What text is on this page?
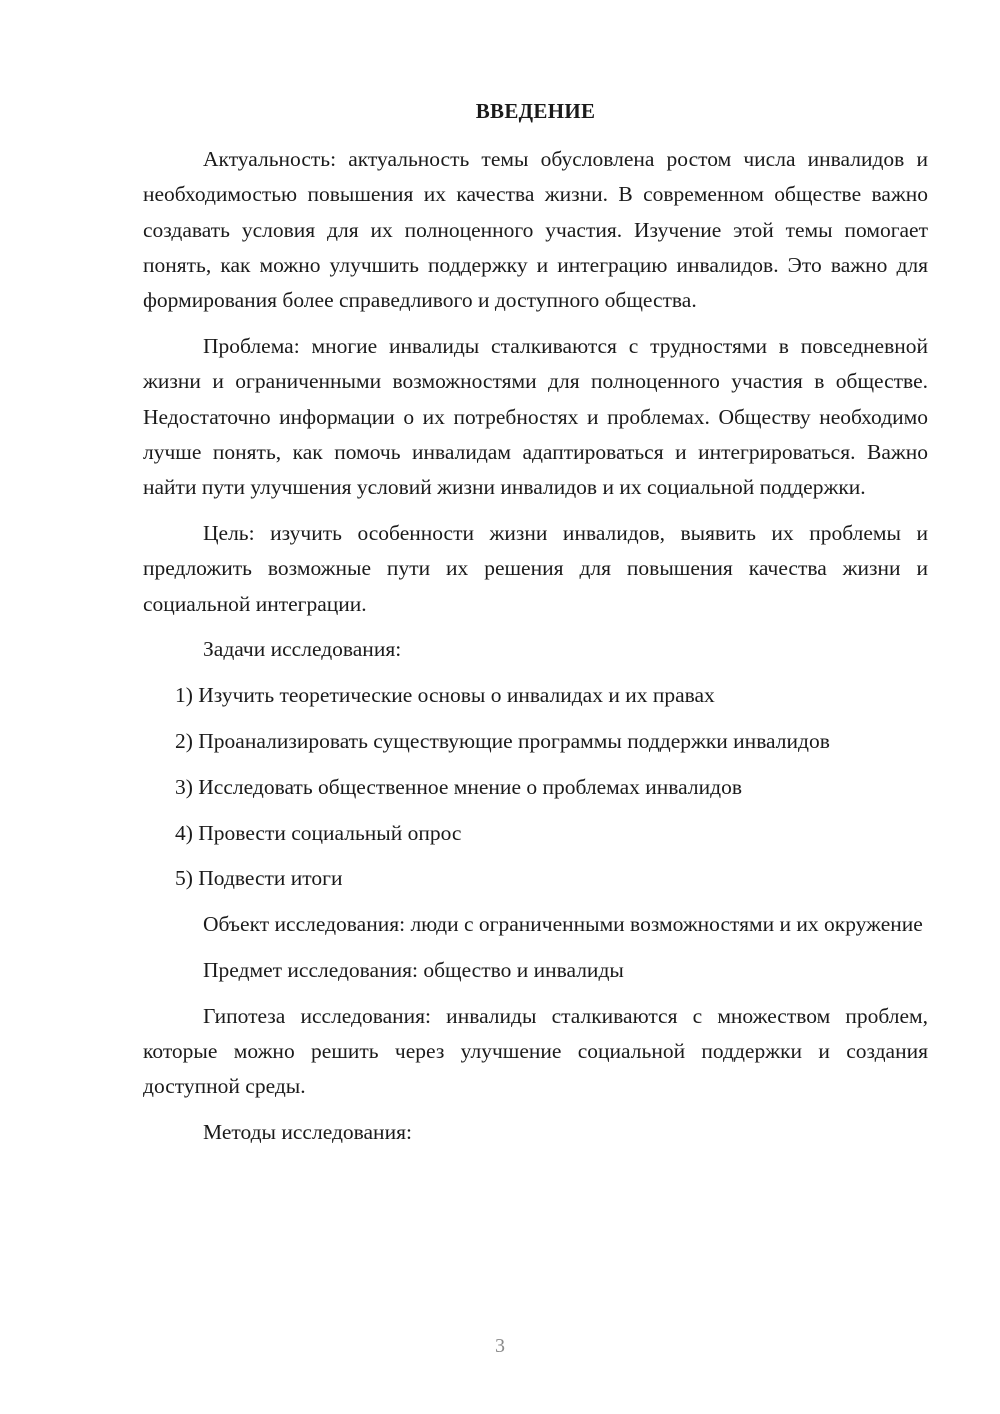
ВВЕДЕНИЕ

Актуальность: актуальность темы обусловлена ростом числа инвалидов и необходимостью повышения их качества жизни. В современном обществе важно создавать условия для их полноценного участия. Изучение этой темы помогает понять, как можно улучшить поддержку и интеграцию инвалидов. Это важно для формирования более справедливого и доступного общества.

Проблема: многие инвалиды сталкиваются с трудностями в повседневной жизни и ограниченными возможностями для полноценного участия в обществе. Недостаточно информации о их потребностях и проблемах. Обществу необходимо лучше понять, как помочь инвалидам адаптироваться и интегрироваться. Важно найти пути улучшения условий жизни инвалидов и их социальной поддержки.

Цель: изучить особенности жизни инвалидов, выявить их проблемы и предложить возможные пути их решения для повышения качества жизни и социальной интеграции.

Задачи исследования:

1) Изучить теоретические основы о инвалидах и их правах

2) Проанализировать существующие программы поддержки инвалидов

3) Исследовать общественное мнение о проблемах инвалидов

4) Провести социальный опрос

5) Подвести итоги

Объект исследования: люди с ограниченными возможностями и их окружение

Предмет исследования: общество и инвалиды

Гипотеза исследования: инвалиды сталкиваются с множеством проблем, которые можно решить через улучшение социальной поддержки и создания доступной среды.

Методы исследования:

3
